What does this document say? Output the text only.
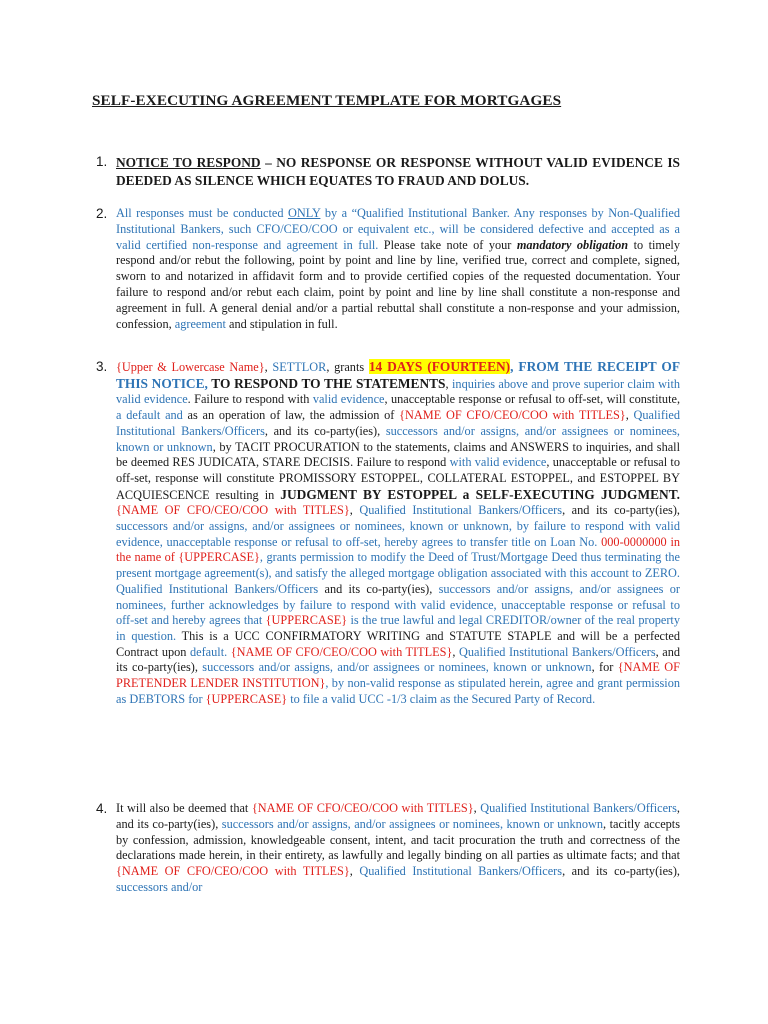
SELF-EXECUTING AGREEMENT TEMPLATE FOR MORTGAGES
1. NOTICE TO RESPOND – NO RESPONSE OR RESPONSE WITHOUT VALID EVIDENCE IS DEEDED AS SILENCE WHICH EQUATES TO FRAUD AND DOLUS.
2. All responses must be conducted ONLY by a “Qualified Institutional Banker. Any responses by Non-Qualified Institutional Bankers, such CFO/CEO/COO or equivalent etc., will be considered defective and accepted as a valid certified non-response and agreement in full. Please take note of your mandatory obligation to timely respond and/or rebut the following, point by point and line by line, verified true, correct and complete, signed, sworn to and notarized in affidavit form and to provide certified copies of the requested documentation. Your failure to respond and/or rebut each claim, point by point and line by line shall constitute a non-response and agreement in full. A general denial and/or a partial rebuttal shall constitute a non-response and your admission, confession, agreement and stipulation in full.
3. {Upper & Lowercase Name}, SETTLOR, grants 14 DAYS (FOURTEEN), FROM THE RECEIPT OF THIS NOTICE, TO RESPOND TO THE STATEMENTS, inquiries above and prove superior claim with valid evidence. Failure to respond with valid evidence, unacceptable response or refusal to off-set, will constitute, a default and as an operation of law, the admission of {NAME OF CFO/CEO/COO with TITLES}, Qualified Institutional Bankers/Officers, and its co-party(ies), successors and/or assigns, and/or assignees or nominees, known or unknown, by TACIT PROCURATION to the statements, claims and ANSWERS to inquiries, and shall be deemed RES JUDICATA, STARE DECISIS. Failure to respond with valid evidence, unacceptable or refusal to off-set, response will constitute PROMISSORY ESTOPPEL, COLLATERAL ESTOPPEL, and ESTOPPEL BY ACQUIESCENCE resulting in JUDGMENT BY ESTOPPEL a SELF-EXECUTING JUDGMENT. {NAME OF CFO/CEO/COO with TITLES}, Qualified Institutional Bankers/Officers, and its co-party(ies), successors and/or assigns, and/or assignees or nominees, known or unknown, by failure to respond with valid evidence, unacceptable response or refusal to off-set, hereby agrees to transfer title on Loan No. 000-0000000 in the name of {UPPERCASE}, grants permission to modify the Deed of Trust/Mortgage Deed thus terminating the present mortgage agreement(s), and satisfy the alleged mortgage obligation associated with this account to ZERO. Qualified Institutional Bankers/Officers and its co-party(ies), successors and/or assigns, and/or assignees or nominees, further acknowledges by failure to respond with valid evidence, unacceptable response or refusal to off-set and hereby agrees that {UPPERCASE} is the true lawful and legal CREDITOR/owner of the real property in question. This is a UCC CONFIRMATORY WRITING and STATUTE STAPLE and will be a perfected Contract upon default. {NAME OF CFO/CEO/COO with TITLES}, Qualified Institutional Bankers/Officers, and its co-party(ies), successors and/or assigns, and/or assignees or nominees, known or unknown, for {NAME OF PRETENDER LENDER INSTITUTION}, by non-valid response as stipulated herein, agree and grant permission as DEBTORS for {UPPERCASE} to file a valid UCC -1/3 claim as the Secured Party of Record.
4. It will also be deemed that {NAME OF CFO/CEO/COO with TITLES}, Qualified Institutional Bankers/Officers, and its co-party(ies), successors and/or assigns, and/or assignees or nominees, known or unknown, tacitly accepts by confession, admission, knowledgeable consent, intent, and tacit procuration the truth and correctness of the declarations made herein, in their entirety, as lawfully and legally binding on all parties as ultimate facts; and that {NAME OF CFO/CEO/COO with TITLES}, Qualified Institutional Bankers/Officers, and its co-party(ies), successors and/or
